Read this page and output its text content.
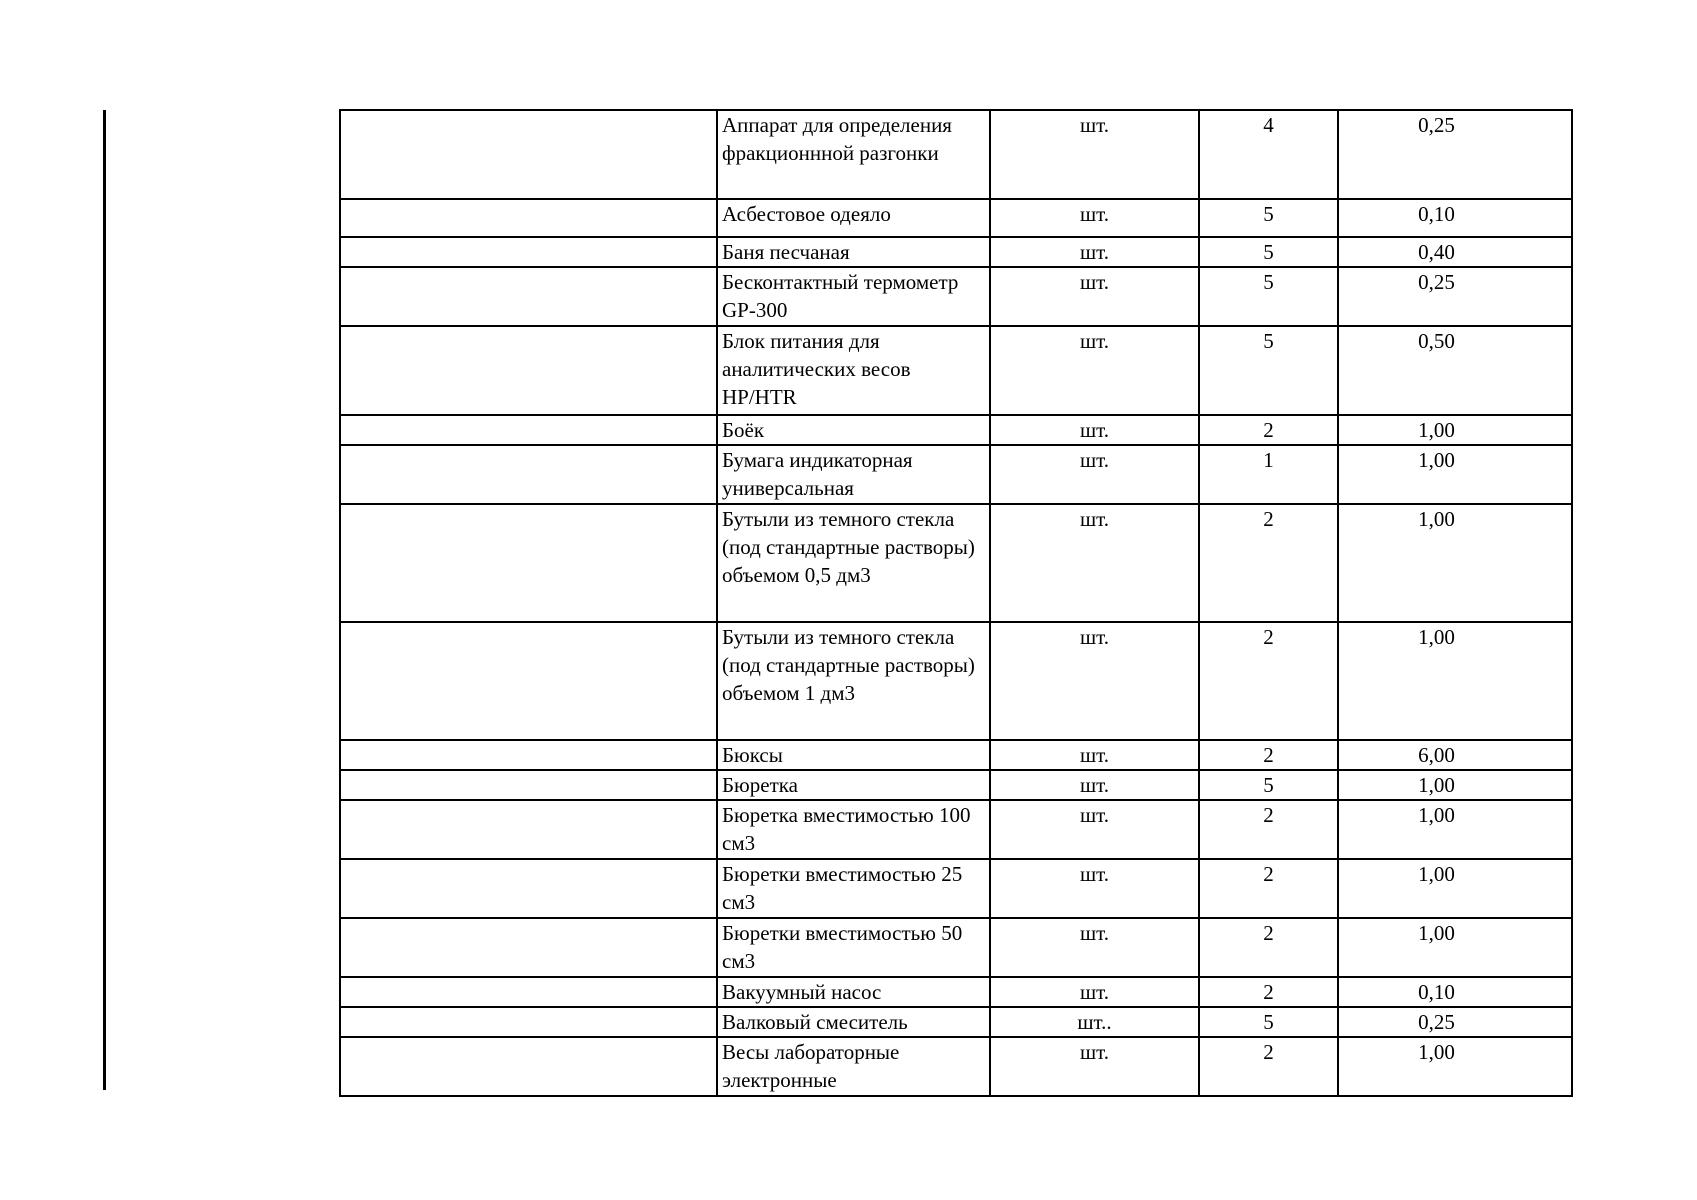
	Аппарат для определения фракционнной разгонки	шт.	4	0,25
	Асбестовое одеяло	шт.	5	0,10
	Баня песчаная	шт.	5	0,40
	Бесконтактный термометр GP-300	шт.	5	0,25
	Блок питания для аналитических весов HP/HTR	шт.	5	0,50
	Боёк	шт.	2	1,00
	Бумага индикаторная универсальная	шт.	1	1,00
	Бутыли из темного стекла (под стандартные растворы) объемом 0,5 дм3	шт.	2	1,00
	Бутыли из темного стекла (под стандартные растворы) объемом 1 дм3	шт.	2	1,00
	Бюксы	шт.	2	6,00
	Бюретка	шт.	5	1,00
	Бюретка вместимостью 100 см3	шт.	2	1,00
	Бюретки вместимостью 25 см3	шт.	2	1,00
	Бюретки вместимостью 50 см3	шт.	2	1,00
	Вакуумный насос	шт.	2	0,10
	Валковый смеситель	шт..	5	0,25
	Весы лабораторные электронные	шт.	2	1,00
